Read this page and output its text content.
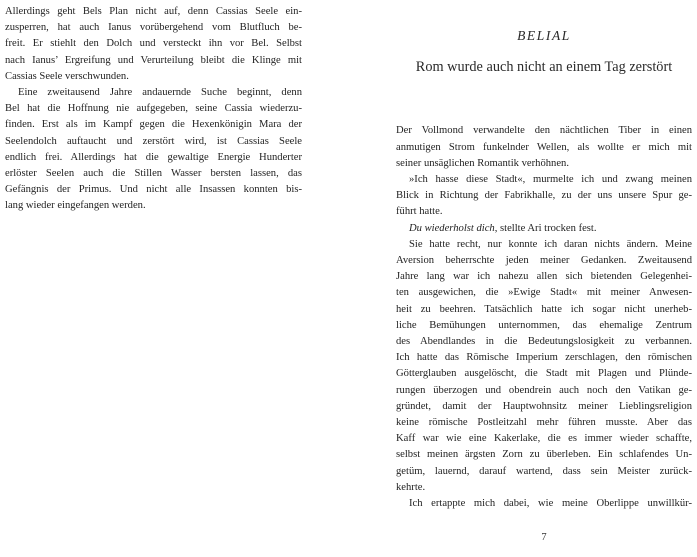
Allerdings geht Bels Plan nicht auf, denn Cassias Seele ein-
zusperren, hat auch Ianus vorübergehend vom Blutfluch be-
freit. Er stiehlt den Dolch und versteckt ihn vor Bel. Selbst
nach Ianus’ Ergreifung und Verurteilung bleibt die Klinge mit
Cassias Seele verschwunden.
Eine zweitausend Jahre andauernde Suche beginnt, denn
Bel hat die Hoffnung nie aufgegeben, seine Cassia wiederzu-
finden. Erst als im Kampf gegen die Hexenkönigin Mara der
Seelendolch auftaucht und zerstört wird, ist Cassias Seele
endlich frei. Allerdings hat die gewaltige Energie Hunderter
erlöster Seelen auch die Stillen Wasser bersten lassen, das
Gefängnis der Primus. Und nicht alle Insassen konnten bis-
lang wieder eingefangen werden.
BELIAL
Rom wurde auch nicht an einem Tag zerstört
Der Vollmond verwandelte den nächtlichen Tiber in einen
anmutigen Strom funkelnder Wellen, als wollte er mich mit
seiner unsäglichen Romantik verhöhnen.
»Ich hasse diese Stadt«, murmelte ich und zwang meinen
Blick in Richtung der Fabrikhalle, zu der uns unsere Spur ge-
führt hatte.
Du wiederholst dich, stellte Ari trocken fest.
Sie hatte recht, nur konnte ich daran nichts ändern. Meine
Aversion beherrschte jeden meiner Gedanken. Zweitausend
Jahre lang war ich nahezu allen sich bietenden Gelegenhei-
ten ausgewichen, die »Ewige Stadt« mit meiner Anwesen-
heit zu beehren. Tatsächlich hatte ich sogar nicht unerheb-
liche Bemühungen unternommen, das ehemalige Zentrum
des Abendlandes in die Bedeutungslosigkeit zu verbannen.
Ich hatte das Römische Imperium zerschlagen, den römischen
Götterglauben ausgelöscht, die Stadt mit Plagen und Plünde-
rungen überzogen und obendrein auch noch den Vatikan ge-
gründet, damit der Hauptwohnsitz meiner Lieblingsreligion
keine römische Postleitzahl mehr führen musste. Aber das
Kaff war wie eine Kakerlake, die es immer wieder schaffte,
selbst meinen ärgsten Zorn zu überleben. Ein schlafendes Un-
getüm, lauernd, darauf wartend, dass sein Meister zurück-
kehrte.
Ich ertappte mich dabei, wie meine Oberlippe unwillkür-
7
